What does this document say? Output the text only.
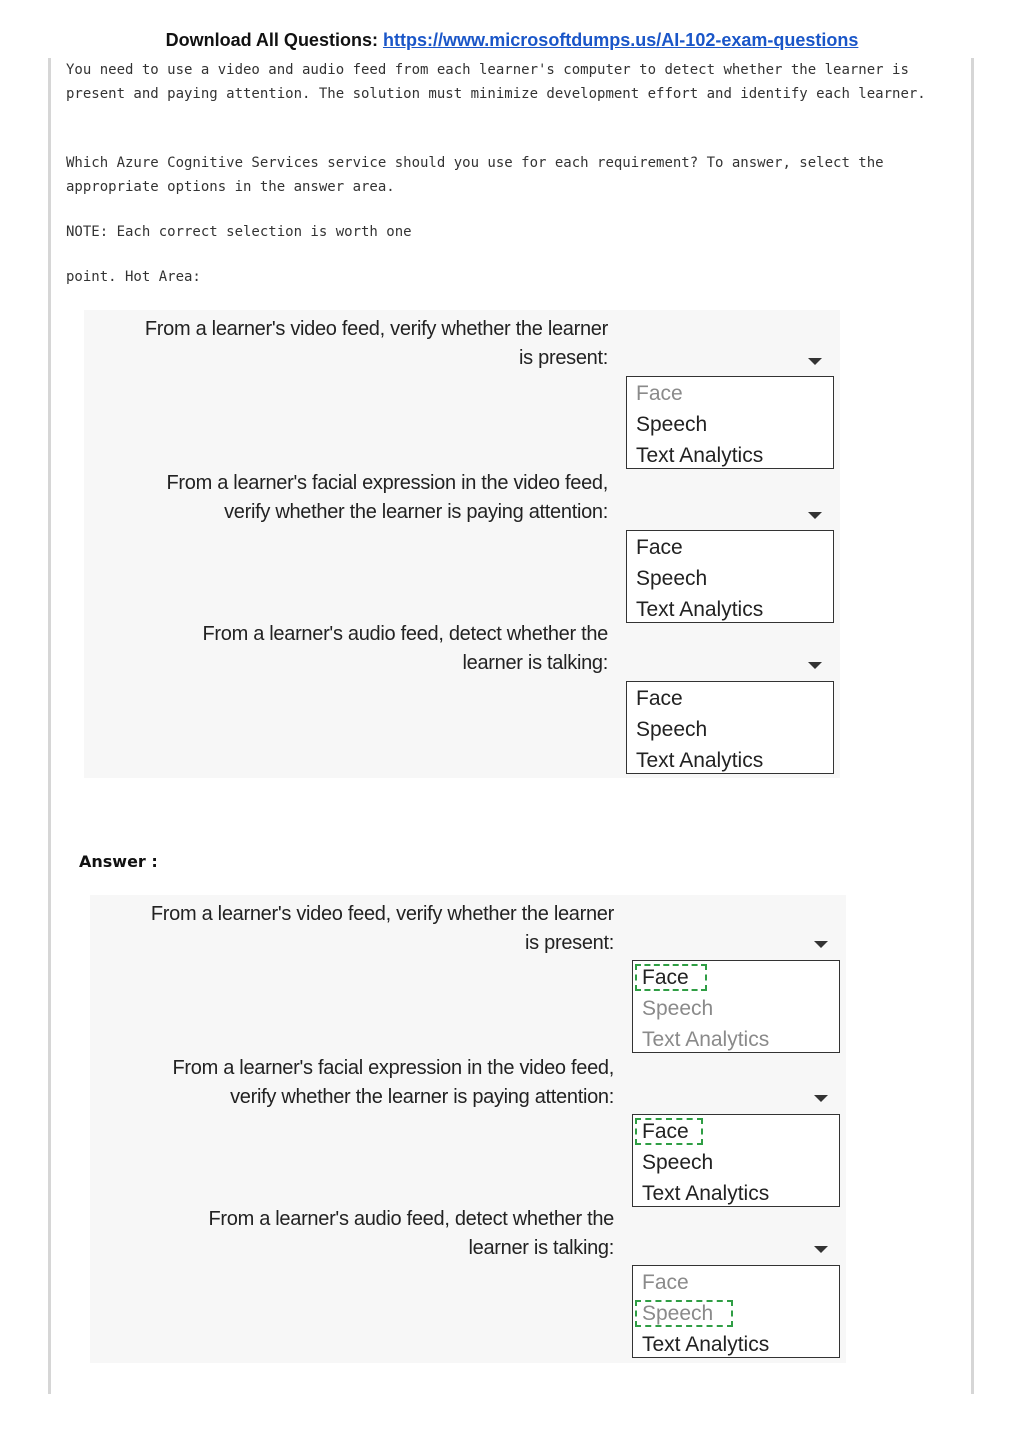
Download All Questions: https://www.microsoftdumps.us/AI-102-exam-questions

You need to use a video and audio feed from each learner's computer to detect whether the learner is present and paying attention. The solution must minimize development effort and identify each learner.

Which Azure Cognitive Services service should you use for each requirement? To answer, select the appropriate options in the answer area.

NOTE: Each correct selection is worth one

point. Hot Area:

From a learner's video feed, verify whether the learner
is present:
Face
Speech
Text Analytics
From a learner's facial expression in the video feed,
verify whether the learner is paying attention:
Face
Speech
Text Analytics
From a learner's audio feed, detect whether the
learner is talking:
Face
Speech
Text Analytics
Answer :
From a learner's video feed, verify whether the learner
is present:
Face
Speech
Text Analytics
From a learner's facial expression in the video feed,
verify whether the learner is paying attention:
Face
Speech
Text Analytics
From a learner's audio feed, detect whether the
learner is talking:
Face
Speech
Text Analytics
